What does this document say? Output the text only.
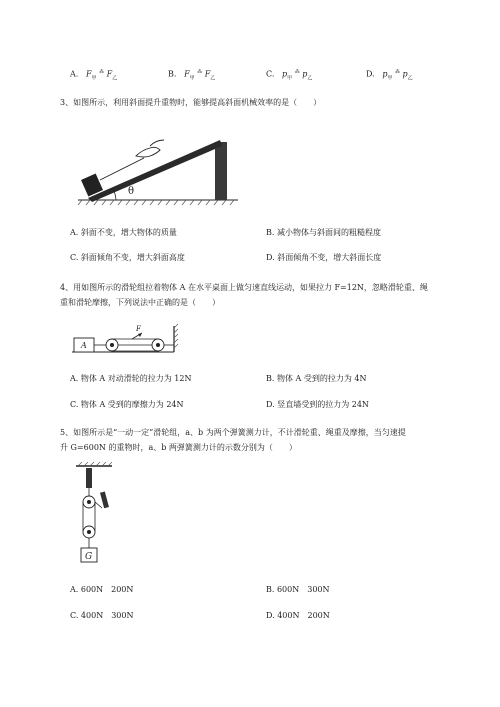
A. $F_甲$ ⁂ $F_乙$	B. $F_甲$ ⁂ $F_乙$	C. $p_甲$ ⁂ $p_乙$	D. $p_甲$ ⁂ $p_乙$
3、如图所示，利用斜面提升重物时，能够提高斜面机械效率的是（　　）
θ
A. 斜面不变，增大物体的质量	B. 减小物体与斜面间的粗糙程度
C. 斜面倾角不变，增大斜面高度	D. 斜面倾角不变，增大斜面长度
4、用如图所示的滑轮组拉着物体 A 在水平桌面上做匀速直线运动，如果拉力 F=12N，忽略滑轮重、绳
重和滑轮摩擦，下列说法中正确的是（　　）
A
F
A. 物体 A 对动滑轮的拉力为 12N	B. 物体 A 受到的拉力为 4N
C. 物体 A 受到的摩擦力为 24N	D. 竖直墙受到的拉力为 24N
5、如图所示是“一动一定”滑轮组，a、b 为两个弹簧测力计，不计滑轮重、绳重及摩擦，当匀速提
升 G=600N 的重物时，a、b 两弹簧测力计的示数分别为（　　）
G
A. 600N　200N	B. 600N　300N
C. 400N　300N	D. 400N　200N
